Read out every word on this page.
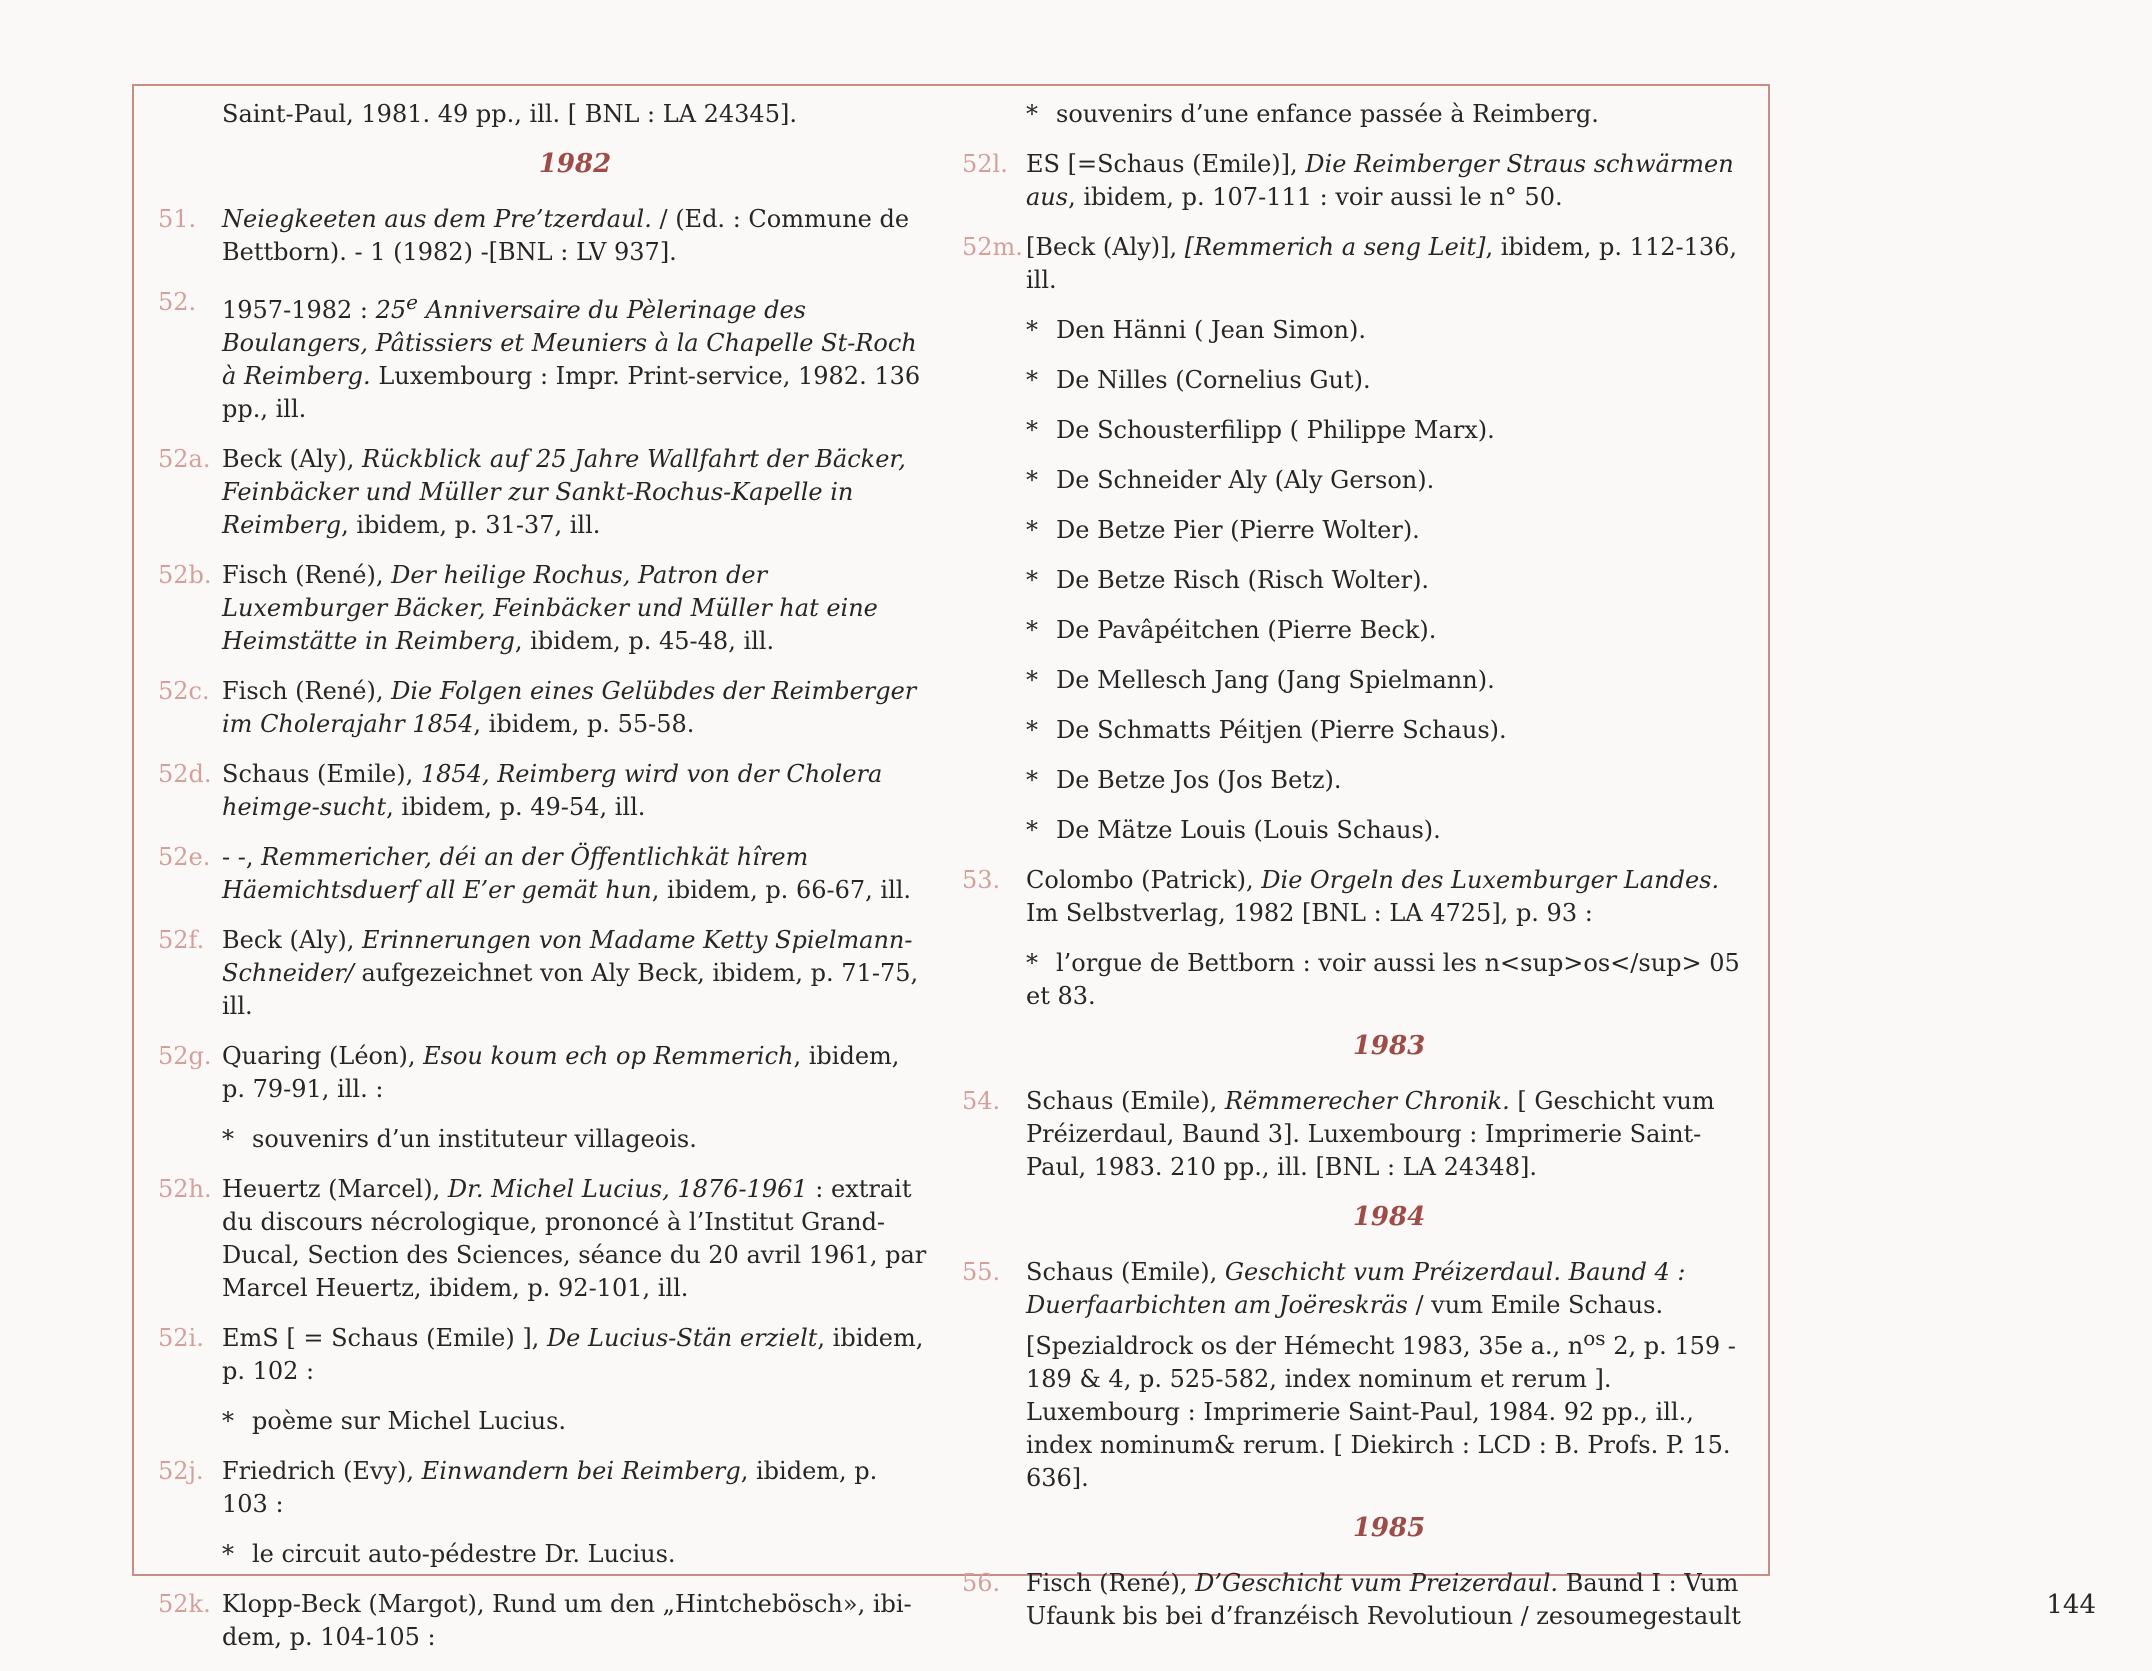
Saint-Paul, 1981. 49 pp., ill. [ BNL : LA 24345].
1982
51. Neiegkeeten aus dem Pre’tzerdaul. / (Ed. : Commune de Bettborn). - 1 (1982) -[BNL : LV 937].
52. 1957-1982 : 25e Anniversaire du Pèlerinage des Boulangers, Pâtissiers et Meuniers à la Chapelle St-Roch à Reimberg. Luxembourg : Impr. Print-service, 1982. 136 pp., ill.
52a. Beck (Aly), Rückblick auf 25 Jahre Wallfahrt der Bäcker, Feinbäcker und Müller zur Sankt-Rochus-Kapelle in Reimberg, ibidem, p. 31-37, ill.
52b. Fisch (René), Der heilige Rochus, Patron der Luxemburger Bäcker, Feinbäcker und Müller hat eine Heimstätte in Reimberg, ibidem, p. 45-48, ill.
52c. Fisch (René), Die Folgen eines Gelübdes der Reimberger im Cholerajahr 1854, ibidem, p. 55-58.
52d. Schaus (Emile), 1854, Reimberg wird von der Cholera heimge-sucht, ibidem, p. 49-54, ill.
52e. - -, Remmericher, déi an der Öffentlichkät hîrem Häemichtsduerf all E’er gemät hun, ibidem, p. 66-67, ill.
52f. Beck (Aly), Erinnerungen von Madame Ketty Spielmann-Schneider/ aufgezeichnet von Aly Beck, ibidem, p. 71-75, ill.
52g. Quaring (Léon), Esou koum ech op Remmerich, ibidem, p. 79-91, ill. :
* souvenirs d’un instituteur villageois.
52h. Heuertz (Marcel), Dr. Michel Lucius, 1876-1961 : extrait du discours nécrologique, prononcé à l’Institut Grand-Ducal, Section des Sciences, séance du 20 avril 1961, par Marcel Heuertz, ibidem, p. 92-101, ill.
52i. EmS [ = Schaus (Emile) ], De Lucius-Stän erzielt, ibidem, p. 102 :
* poème sur Michel Lucius.
52j. Friedrich (Evy), Einwandern bei Reimberg, ibidem, p. 103 :
* le circuit auto-pédestre Dr. Lucius.
52k. Klopp-Beck (Margot), Rund um den „Hintchebösch», ibi-dem, p. 104-105 :
* souvenirs d’une enfance passée à Reimberg.
52l. ES [=Schaus (Emile)], Die Reimberger Straus schwärmen aus, ibidem, p. 107-111 : voir aussi le n° 50.
52m. [Beck (Aly)], [Remmerich a seng Leit], ibidem, p. 112-136, ill.
* Den Hänni ( Jean Simon).
* De Nilles (Cornelius Gut).
* De Schousterfilipp ( Philippe Marx).
* De Schneider Aly (Aly Gerson).
* De Betze Pier (Pierre Wolter).
* De Betze Risch (Risch Wolter).
* De Pavâpéitchen (Pierre Beck).
* De Mellesch Jang (Jang Spielmann).
* De Schmatts Péitjen (Pierre Schaus).
* De Betze Jos (Jos Betz).
* De Mätze Louis (Louis Schaus).
53. Colombo (Patrick), Die Orgeln des Luxemburger Landes. Im Selbstverlag, 1982 [BNL : LA 4725], p. 93 :
* l’orgue de Bettborn : voir aussi les n<sup>os</sup> 05 et 83.
1983
54. Schaus (Emile), Rëmmerecher Chronik. [ Geschicht vum Préizerdaul, Baund 3]. Luxembourg : Imprimerie Saint-Paul, 1983. 210 pp., ill. [BNL : LA 24348].
1984
55. Schaus (Emile), Geschicht vum Préizerdaul. Baund 4 : Duerfaarbichten am Joëreskräs / vum Emile Schaus. [Spezialdrock os der Hémecht 1983, 35e a., $n^{os}$ 2, p. 159 - 189 & 4, p. 525-582, index nominum et rerum ]. Luxembourg : Imprimerie Saint-Paul, 1984. 92 pp., ill., index nominum& rerum. [ Diekirch : LCD : B. Profs. P. 15. 636].
1985
56. Fisch (René), D’Geschicht vum Preizerdaul. Baund I : Vum Ufaunk bis bei d’franzéisch Revolutioun / zesoumegestault	144
